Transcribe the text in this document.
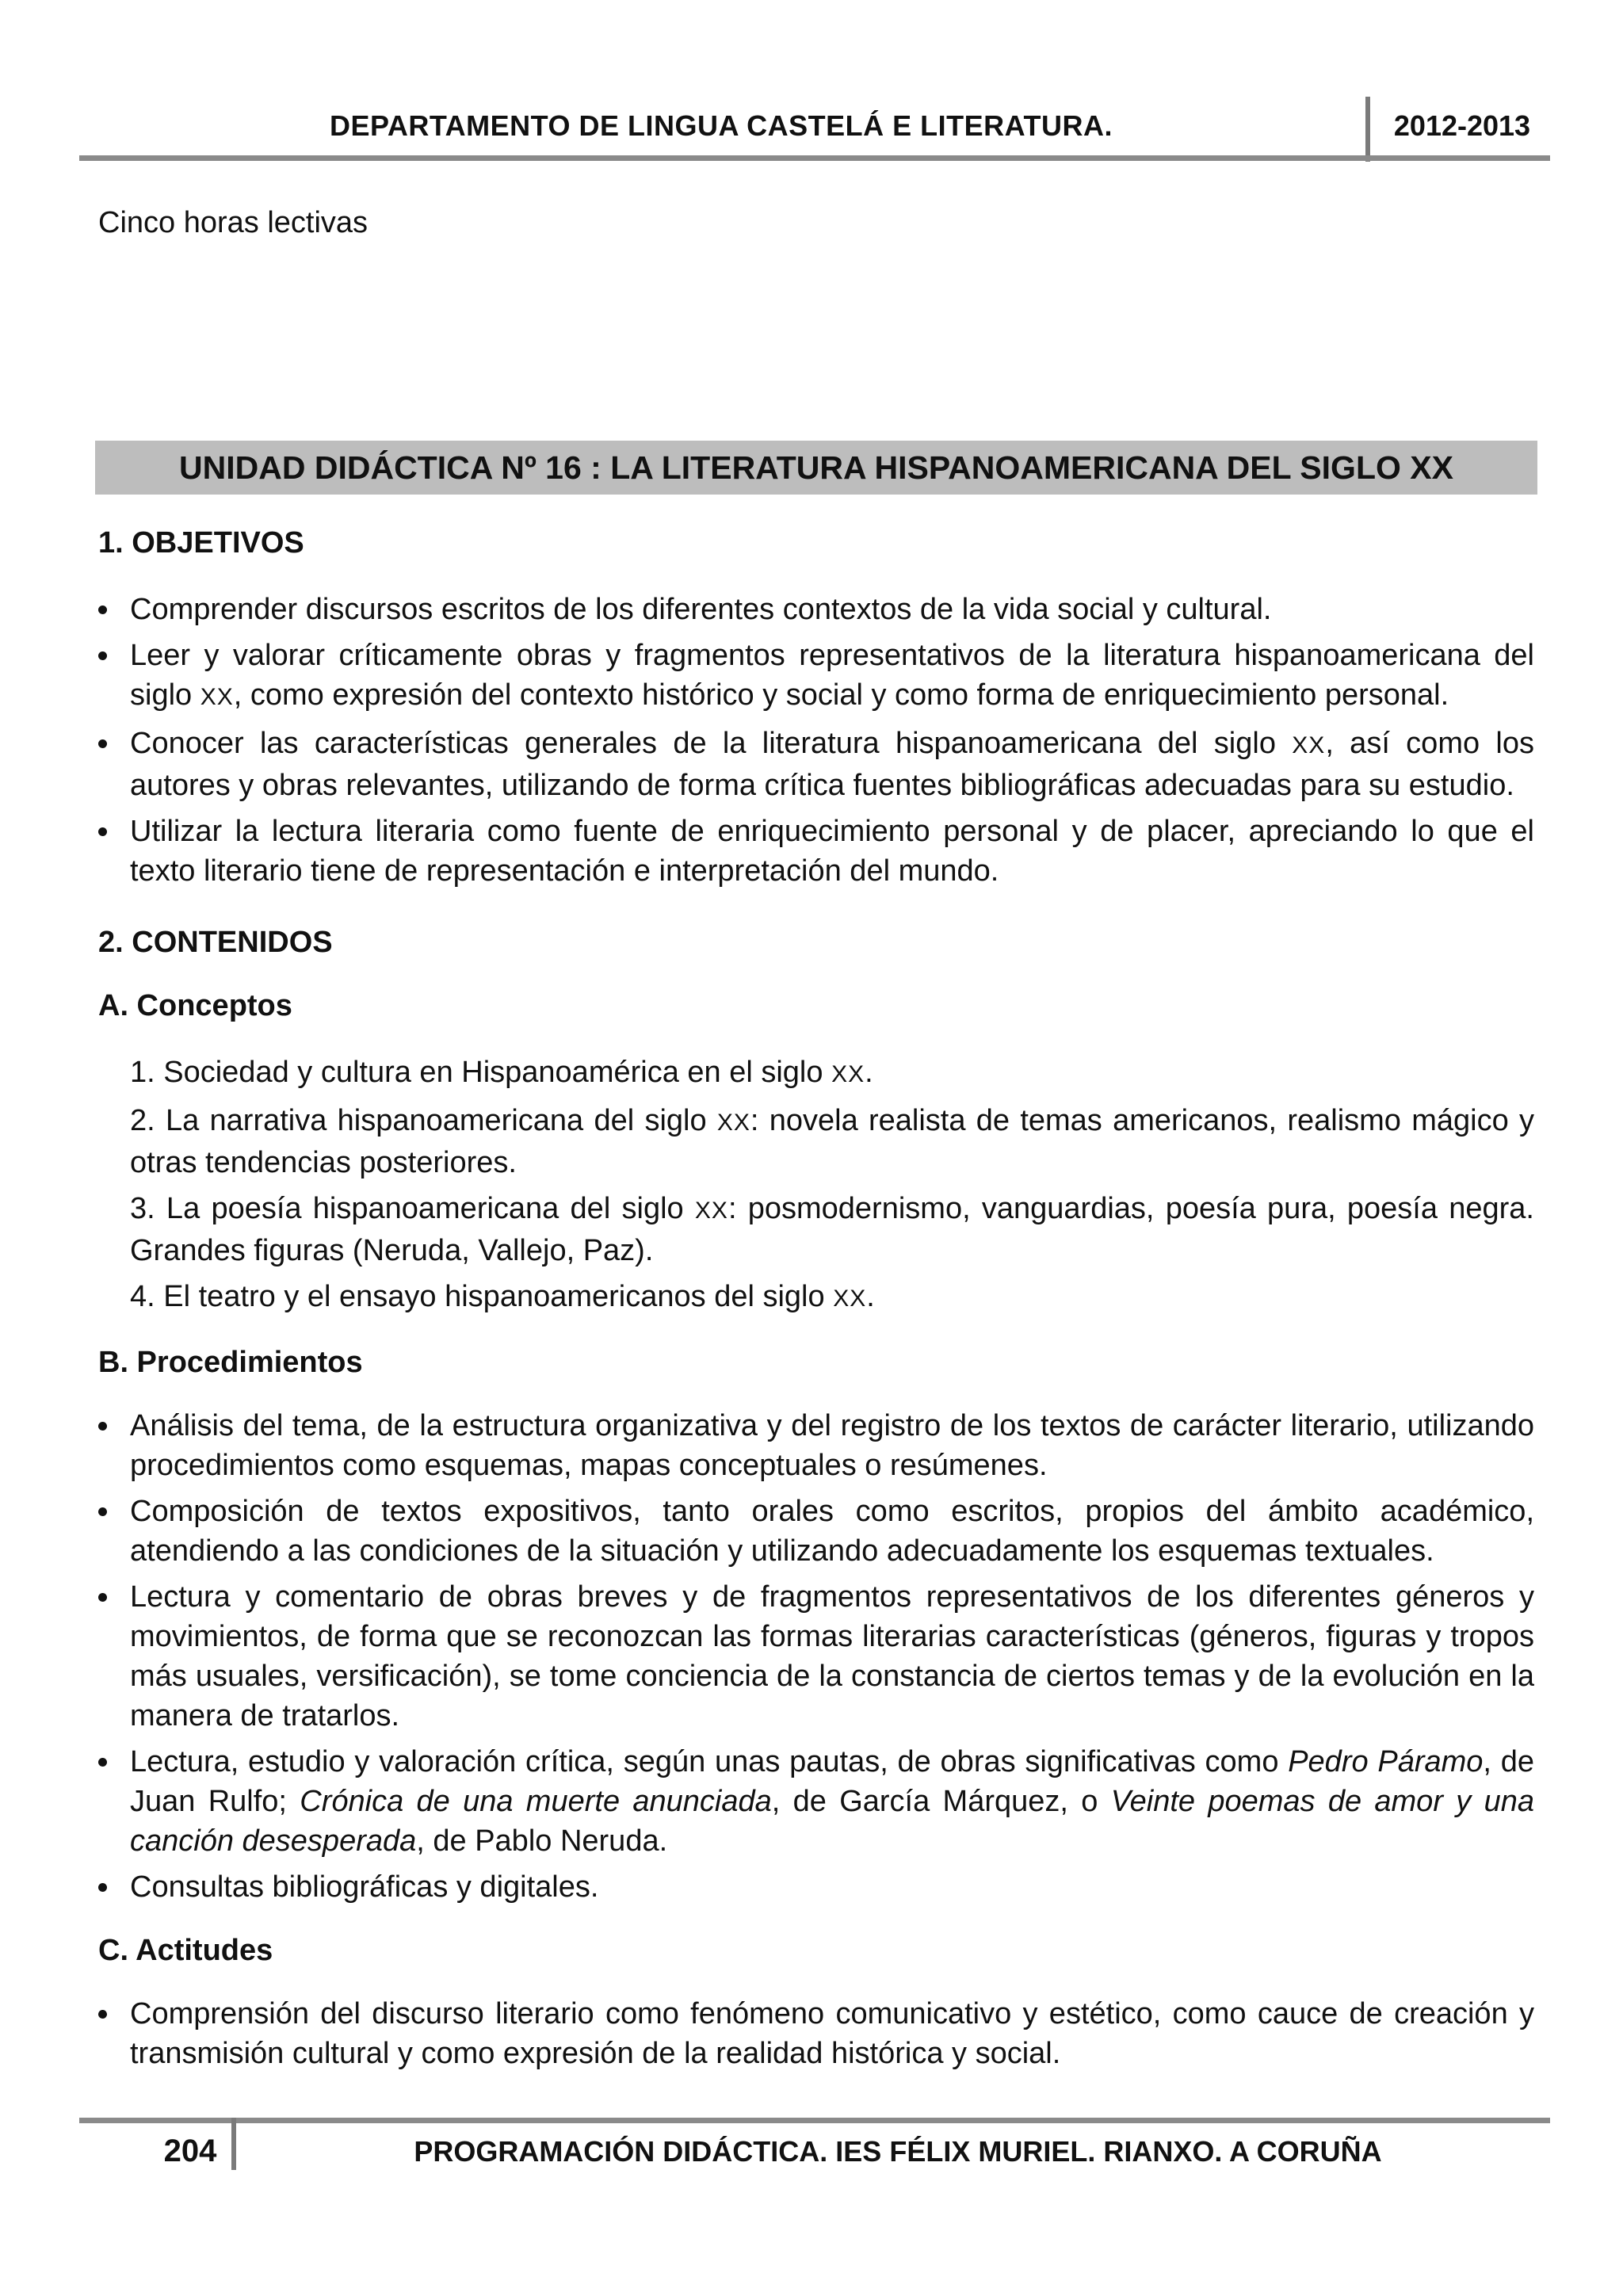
DEPARTAMENTO DE LINGUA CASTELÁ E LITERATURA.	2012-2013
Cinco horas lectivas
UNIDAD DIDÁCTICA Nº 16 : LA LITERATURA HISPANOAMERICANA DEL SIGLO XX

1. OBJETIVOS

Comprender discursos escritos de los diferentes contextos de la vida social y cultural.
Leer y valorar críticamente obras y fragmentos representativos de la literatura hispanoamericana del siglo XX, como expresión del contexto histórico y social y como forma de enriquecimiento personal.
Conocer las características generales de la literatura hispanoamericana del siglo XX, así como los autores y obras relevantes, utilizando de forma crítica fuentes bibliográficas adecuadas para su estudio.
Utilizar la lectura literaria como fuente de enriquecimiento personal y de placer, apreciando lo que el texto literario tiene de representación e interpretación del mundo.

2. CONTENIDOS

A. Conceptos

1. Sociedad y cultura en Hispanoamérica en el siglo XX.
2. La narrativa hispanoamericana del siglo XX: novela realista de temas americanos, realismo mágico y otras tendencias posteriores.
3. La poesía hispanoamericana del siglo XX: posmodernismo, vanguardias, poesía pura, poesía negra. Grandes figuras (Neruda, Vallejo, Paz).
4. El teatro y el ensayo hispanoamericanos del siglo XX.

B. Procedimientos

Análisis del tema, de la estructura organizativa y del registro de los textos de carácter literario, utilizando procedimientos como esquemas, mapas conceptuales o resúmenes.
Composición de textos expositivos, tanto orales como escritos, propios del ámbito académico, atendiendo a las condiciones de la situación y utilizando adecuadamente los esquemas textuales.
Lectura y comentario de obras breves y de fragmentos representativos de los diferentes géneros y movimientos, de forma que se reconozcan las formas literarias características (géneros, figuras y tropos más usuales, versificación), se tome conciencia de la constancia de ciertos temas y de la evolución en la manera de tratarlos.
Lectura, estudio y valoración crítica, según unas pautas, de obras significativas como Pedro Páramo, de Juan Rulfo; Crónica de una muerte anunciada, de García Márquez, o Veinte poemas de amor y una canción desesperada, de Pablo Neruda.
Consultas bibliográficas y digitales.

C. Actitudes

Comprensión del discurso literario como fenómeno comunicativo y estético, como cauce de creación y transmisión cultural y como expresión de la realidad histórica y social.
204	PROGRAMACIÓN DIDÁCTICA. IES FÉLIX MURIEL. RIANXO. A CORUÑA
